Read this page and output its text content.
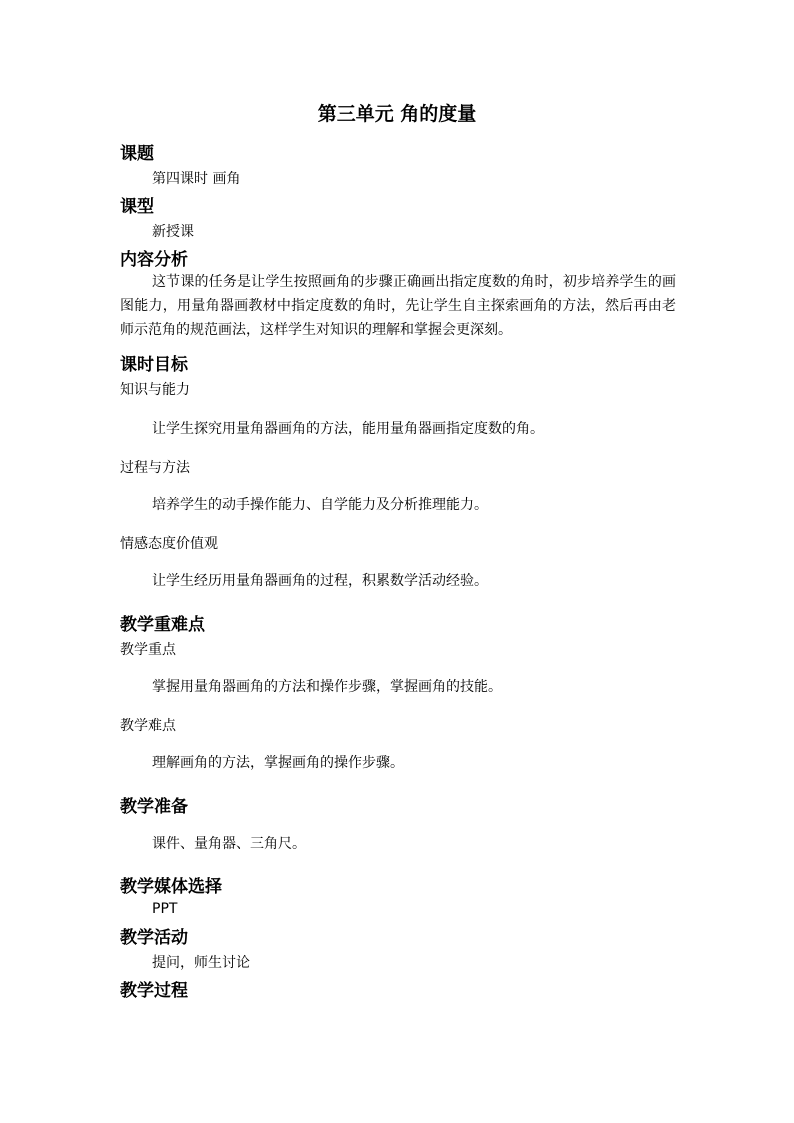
第三单元 角的度量
课题
第四课时 画角
课型
新授课
内容分析
这节课的任务是让学生按照画角的步骤正确画出指定度数的角时，初步培养学生的画图能力，用量角器画教材中指定度数的角时，先让学生自主探索画角的方法，然后再由老师示范角的规范画法，这样学生对知识的理解和掌握会更深刻。
课时目标
知识与能力
让学生探究用量角器画角的方法，能用量角器画指定度数的角。
过程与方法
培养学生的动手操作能力、自学能力及分析推理能力。
情感态度价值观
让学生经历用量角器画角的过程，积累数学活动经验。
教学重难点
教学重点
掌握用量角器画角的方法和操作步骤，掌握画角的技能。
教学难点
理解画角的方法，掌握画角的操作步骤。
教学准备
课件、量角器、三角尺。
教学媒体选择
PPT
教学活动
提问，师生讨论
教学过程
